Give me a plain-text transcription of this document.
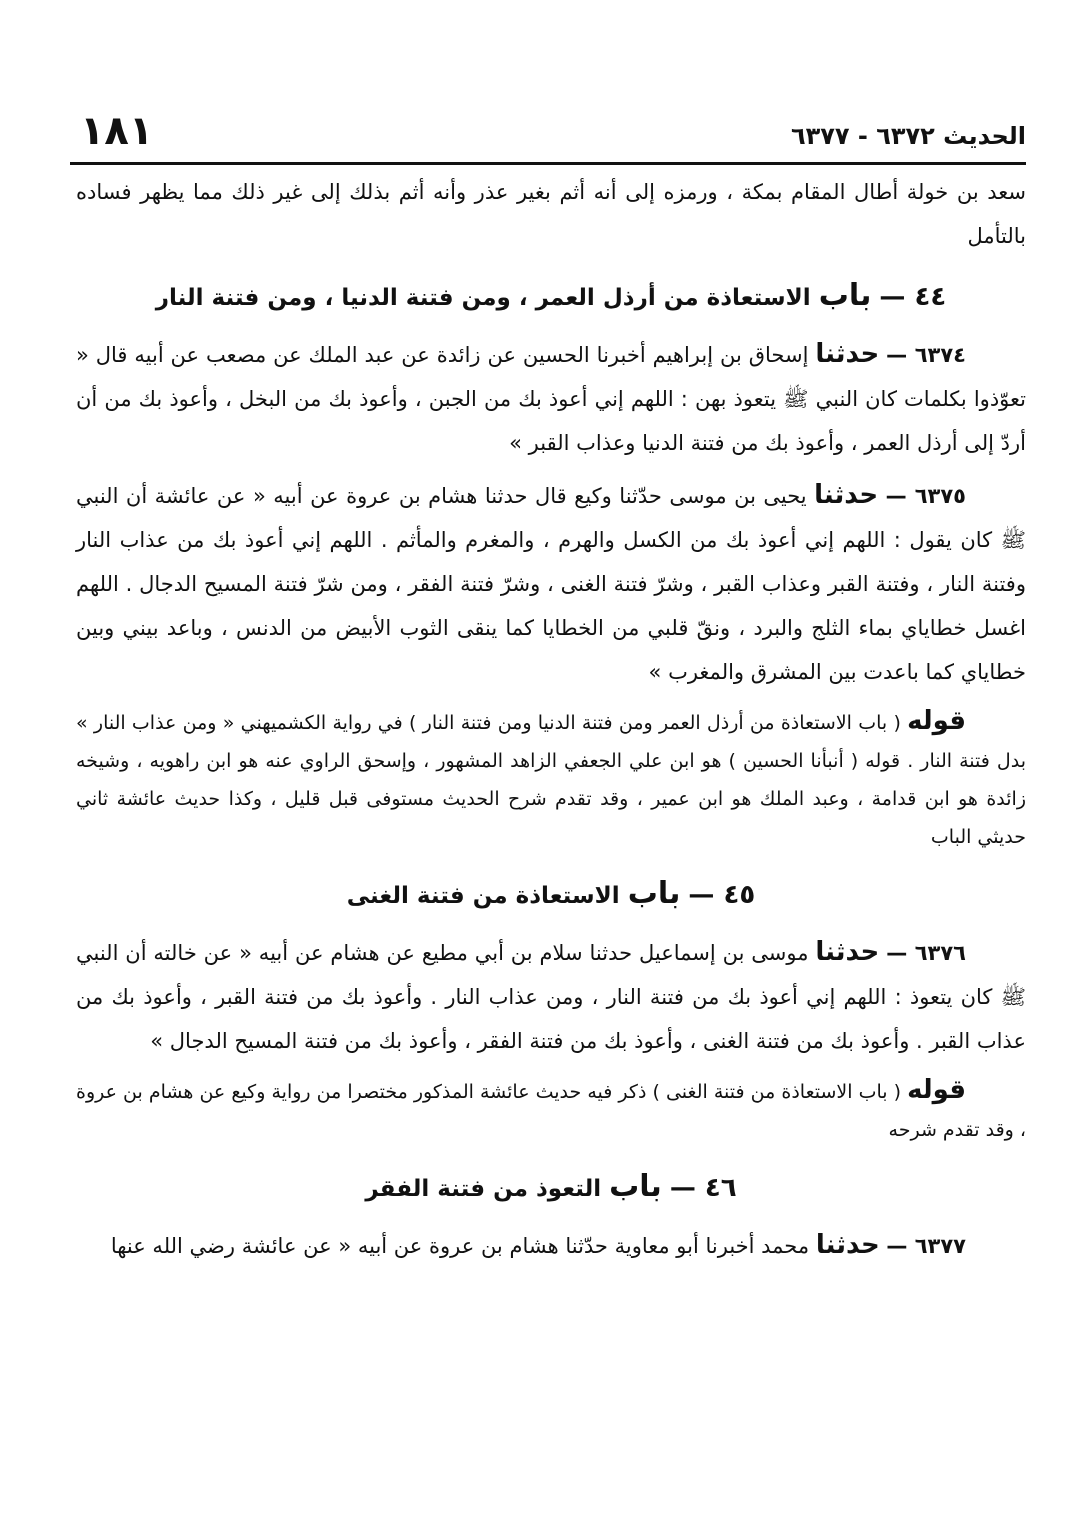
الحديث ٦٣٧٢ - ٦٣٧٧
١٨١

سعد بن خولة أطال المقام بمكة ، ورمزه إلى أنه أثم بغير عذر وأنه أثم بذلك إلى غير ذلك مما يظهر فساده بالتأمل

٤٤ — باب الاستعاذة من أرذل العمر ، ومن فتنة الدنيا ، ومن فتنة النار

٦٣٧٤ — حدثنا إسحاق بن إبراهيم أخبرنا الحسين عن زائدة عن عبد الملك عن مصعب عن أبيه قال « تعوّذوا بكلمات كان النبي ﷺ يتعوذ بهن : اللهم إني أعوذ بك من الجبن ، وأعوذ بك من البخل ، وأعوذ بك من أن أردّ إلى أرذل العمر ، وأعوذ بك من فتنة الدنيا وعذاب القبر »

٦٣٧٥ — حدثنا يحيى بن موسى حدّثنا وكيع قال حدثنا هشام بن عروة عن أبيه « عن عائشة أن النبي ﷺ كان يقول : اللهم إني أعوذ بك من الكسل والهرم ، والمغرم والمأثم . اللهم إني أعوذ بك من عذاب النار وفتنة النار ، وفتنة القبر وعذاب القبر ، وشرّ فتنة الغنى ، وشرّ فتنة الفقر ، ومن شرّ فتنة المسيح الدجال . اللهم اغسل خطاياي بماء الثلج والبرد ، ونقّ قلبي من الخطايا كما ينقى الثوب الأبيض من الدنس ، وباعد بيني وبين خطاياي كما باعدت بين المشرق والمغرب »

قوله ( باب الاستعاذة من أرذل العمر ومن فتنة الدنيا ومن فتنة النار ) في رواية الكشميهني « ومن عذاب النار » بدل فتنة النار . قوله ( أنبأنا الحسين ) هو ابن علي الجعفي الزاهد المشهور ، وإسحق الراوي عنه هو ابن راهويه ، وشيخه زائدة هو ابن قدامة ، وعبد الملك هو ابن عمير ، وقد تقدم شرح الحديث مستوفى قبل قليل ، وكذا حديث عائشة ثاني حديثي الباب

٤٥ — باب الاستعاذة من فتنة الغنى

٦٣٧٦ — حدثنا موسى بن إسماعيل حدثنا سلام بن أبي مطيع عن هشام عن أبيه « عن خالته أن النبي ﷺ كان يتعوذ : اللهم إني أعوذ بك من فتنة النار ، ومن عذاب النار . وأعوذ بك من فتنة القبر ، وأعوذ بك من عذاب القبر . وأعوذ بك من فتنة الغنى ، وأعوذ بك من فتنة الفقر ، وأعوذ بك من فتنة المسيح الدجال »

قوله ( باب الاستعاذة من فتنة الغنى ) ذكر فيه حديث عائشة المذكور مختصرا من رواية وكيع عن هشام بن عروة ، وقد تقدم شرحه

٤٦ — باب التعوذ من فتنة الفقر

٦٣٧٧ — حدثنا محمد أخبرنا أبو معاوية حدّثنا هشام بن عروة عن أبيه « عن عائشة رضي الله عنها
